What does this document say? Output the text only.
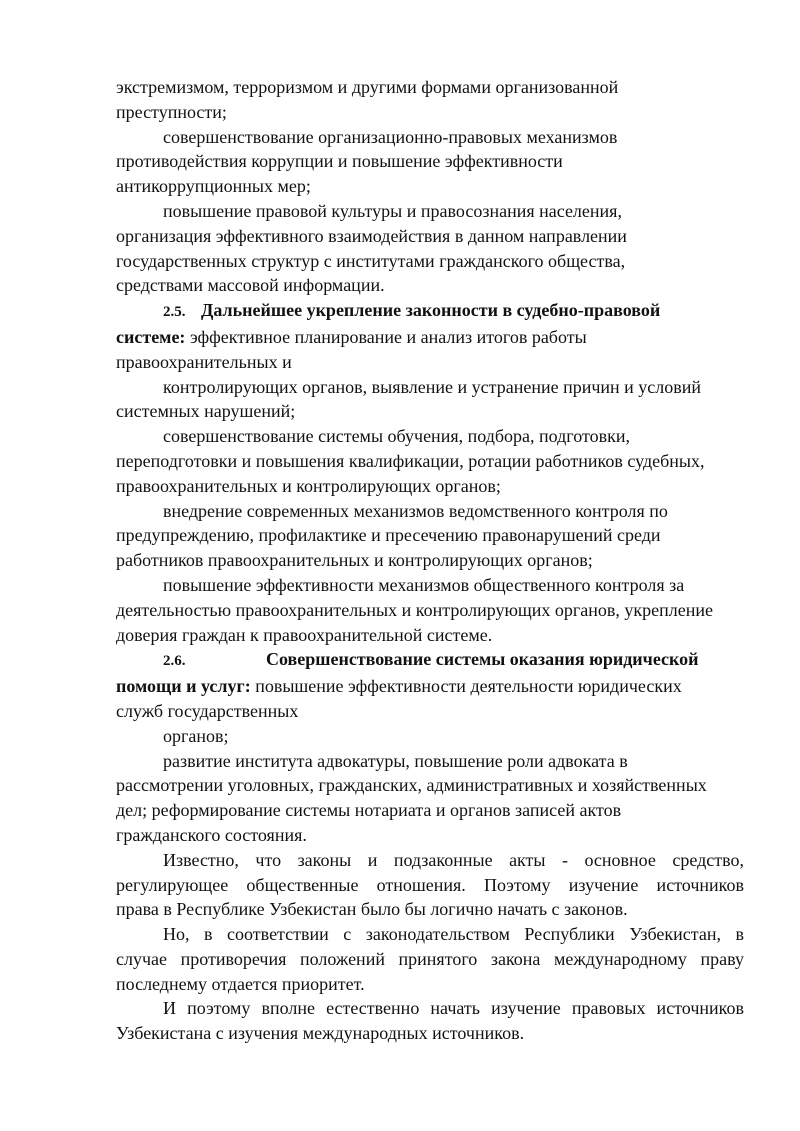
экстремизмом, терроризмом и другими формами организованной
преступности;
совершенствование организационно-правовых механизмов
противодействия коррупции и повышение эффективности
антикоррупционных мер;
повышение правовой культуры и правосознания населения,
организация эффективного взаимодействия в данном направлении
государственных структур с институтами гражданского общества,
средствами массовой информации.
2.5. Дальнейшее укрепление законности в судебно-правовой
системе: эффективное планирование и анализ итогов работы
правоохранительных и
контролирующих органов, выявление и устранение причин и условий
системных нарушений;
совершенствование системы обучения, подбора, подготовки,
переподготовки и повышения квалификации, ротации работников судебных,
правоохранительных и контролирующих органов;
внедрение современных механизмов ведомственного контроля по
предупреждению, профилактике и пресечению правонарушений среди
работников правоохранительных и контролирующих органов;
повышение эффективности механизмов общественного контроля за
деятельностью правоохранительных и контролирующих органов, укрепление
доверия граждан к правоохранительной системе.
2.6.	Совершенствование системы оказания юридической
помощи и услуг: повышение эффективности деятельности юридических
служб государственных
органов;
развитие института адвокатуры, повышение роли адвоката в
рассмотрении уголовных, гражданских, административных и хозяйственных
дел; реформирование системы нотариата и органов записей актов
гражданского состояния.
Известно, что законы и подзаконные акты - основное средство,
регулирующее общественные отношения. Поэтому изучение источников
права в Республике Узбекистан было бы логично начать с законов.
Но, в соответствии с законодательством Республики Узбекистан, в
случае противоречия положений принятого закона международному праву
последнему отдается приоритет.
И поэтому вполне естественно начать изучение правовых источников
Узбекистана с изучения международных источников.
